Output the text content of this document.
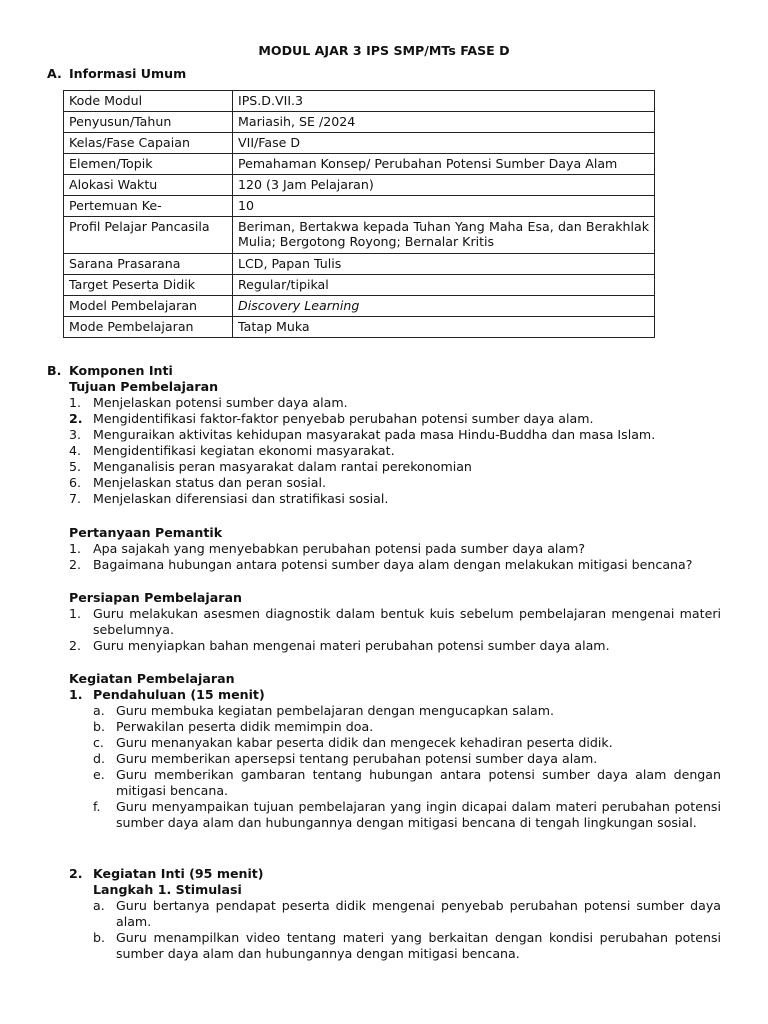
MODUL AJAR 3 IPS SMP/MTs FASE D
A. Informasi Umum
Kode Modul	IPS.D.VII.3
Penyusun/Tahun	Mariasih, SE /2024
Kelas/Fase Capaian	VII/Fase D
Elemen/Topik	Pemahaman Konsep/ Perubahan Potensi Sumber Daya Alam
Alokasi Waktu	120 (3 Jam Pelajaran)
Pertemuan Ke-	10
Profil Pelajar Pancasila	Beriman, Bertakwa kepada Tuhan Yang Maha Esa, dan Berakhlak Mulia; Bergotong Royong; Bernalar Kritis
Sarana Prasarana	LCD, Papan Tulis
Target Peserta Didik	Regular/tipikal
Model Pembelajaran	Discovery Learning
Mode Pembelajaran	Tatap Muka
B. Komponen Inti
Tujuan Pembelajaran
1. Menjelaskan potensi sumber daya alam.
2. Mengidentifikasi faktor-faktor penyebab perubahan potensi sumber daya alam.
3. Menguraikan aktivitas kehidupan masyarakat pada masa Hindu-Buddha dan masa Islam.
4. Mengidentifikasi kegiatan ekonomi masyarakat.
5. Menganalisis peran masyarakat dalam rantai perekonomian
6. Menjelaskan status dan peran sosial.
7. Menjelaskan diferensiasi dan stratifikasi sosial.
Pertanyaan Pemantik
1. Apa sajakah yang menyebabkan perubahan potensi pada sumber daya alam?
2. Bagaimana hubungan antara potensi sumber daya alam dengan melakukan mitigasi bencana?
Persiapan Pembelajaran
1. Guru melakukan asesmen diagnostik dalam bentuk kuis sebelum pembelajaran mengenai materi sebelumnya.
2. Guru menyiapkan bahan mengenai materi perubahan potensi sumber daya alam.
Kegiatan Pembelajaran
1. Pendahuluan (15 menit)
a. Guru membuka kegiatan pembelajaran dengan mengucapkan salam.
b. Perwakilan peserta didik memimpin doa.
c. Guru menanyakan kabar peserta didik dan mengecek kehadiran peserta didik.
d. Guru memberikan apersepsi tentang perubahan potensi sumber daya alam.
e. Guru memberikan gambaran tentang hubungan antara potensi sumber daya alam dengan mitigasi bencana.
f. Guru menyampaikan tujuan pembelajaran yang ingin dicapai dalam materi perubahan potensi sumber daya alam dan hubungannya dengan mitigasi bencana di tengah lingkungan sosial.
2. Kegiatan Inti (95 menit)
Langkah 1. Stimulasi
a. Guru bertanya pendapat peserta didik mengenai penyebab perubahan potensi sumber daya alam.
b. Guru menampilkan video tentang materi yang berkaitan dengan kondisi perubahan potensi sumber daya alam dan hubungannya dengan mitigasi bencana.
